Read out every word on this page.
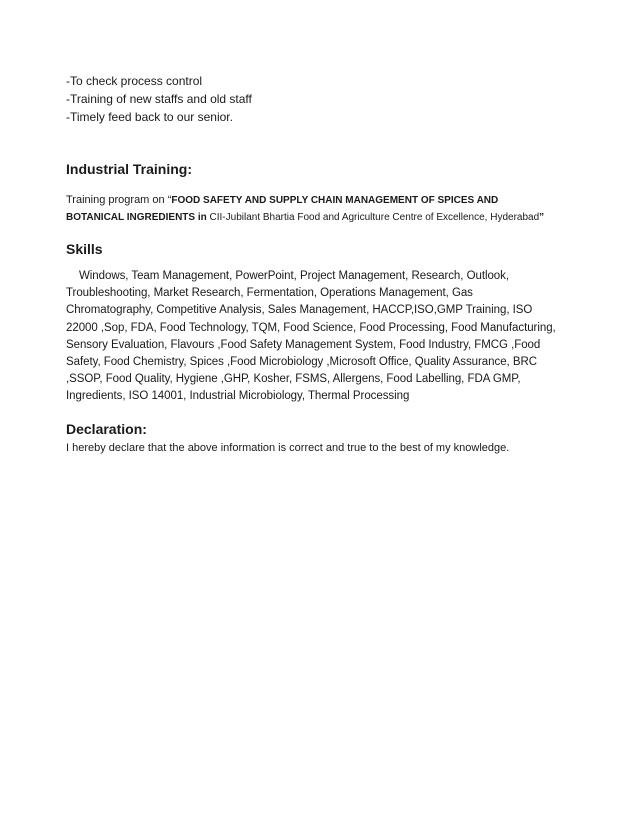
-To check process control
-Training of new staffs and old staff
-Timely feed back to our senior.
Industrial Training:
Training program on “FOOD SAFETY AND SUPPLY CHAIN MANAGEMENT OF SPICES AND BOTANICAL INGREDIENTS in CII-Jubilant Bhartia Food and Agriculture Centre of Excellence, Hyderabad”
Skills
Windows, Team Management, PowerPoint, Project Management, Research, Outlook, Troubleshooting, Market Research, Fermentation, Operations Management, Gas Chromatography, Competitive Analysis, Sales Management, HACCP,ISO,GMP Training, ISO 22000 ,Sop, FDA, Food Technology, TQM, Food Science, Food Processing, Food Manufacturing, Sensory Evaluation, Flavours ,Food Safety Management System, Food Industry, FMCG ,Food Safety, Food Chemistry, Spices ,Food Microbiology ,Microsoft Office, Quality Assurance, BRC ,SSOP, Food Quality, Hygiene ,GHP, Kosher, FSMS, Allergens, Food Labelling, FDA GMP, Ingredients, ISO 14001, Industrial Microbiology, Thermal Processing
Declaration:
I hereby declare that the above information is correct and true to the best of my knowledge.
